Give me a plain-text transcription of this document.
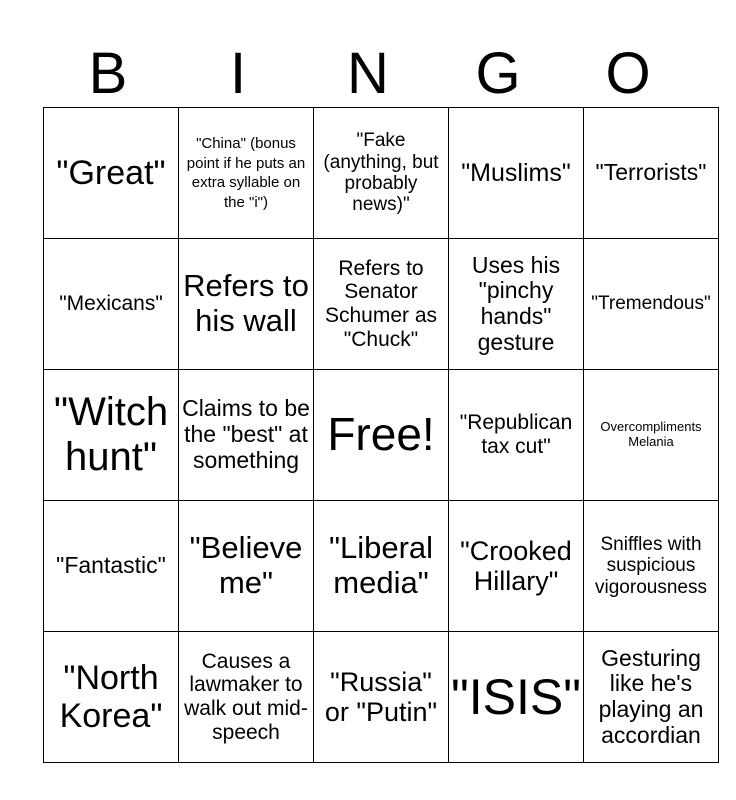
B	I	N	G	O
"Great"	"China" (bonus point if he puts an extra syllable on the "i")	"Fake (anything, but probably news)"	"Muslims"	"Terrorists"
"Mexicans"	Refers to his wall	Refers to Senator Schumer as "Chuck"	Uses his "pinchy hands" gesture	"Tremendous"
"Witch hunt"	Claims to be the "best" at something	Free!	"Republican tax cut"	Overcompliments Melania
"Fantastic"	"Believe me"	"Liberal media"	"Crooked Hillary"	Sniffles with suspicious vigorousness
"North Korea"	Causes a lawmaker to walk out mid-speech	"Russia" or "Putin"	"ISIS"	Gesturing like he's playing an accordian
